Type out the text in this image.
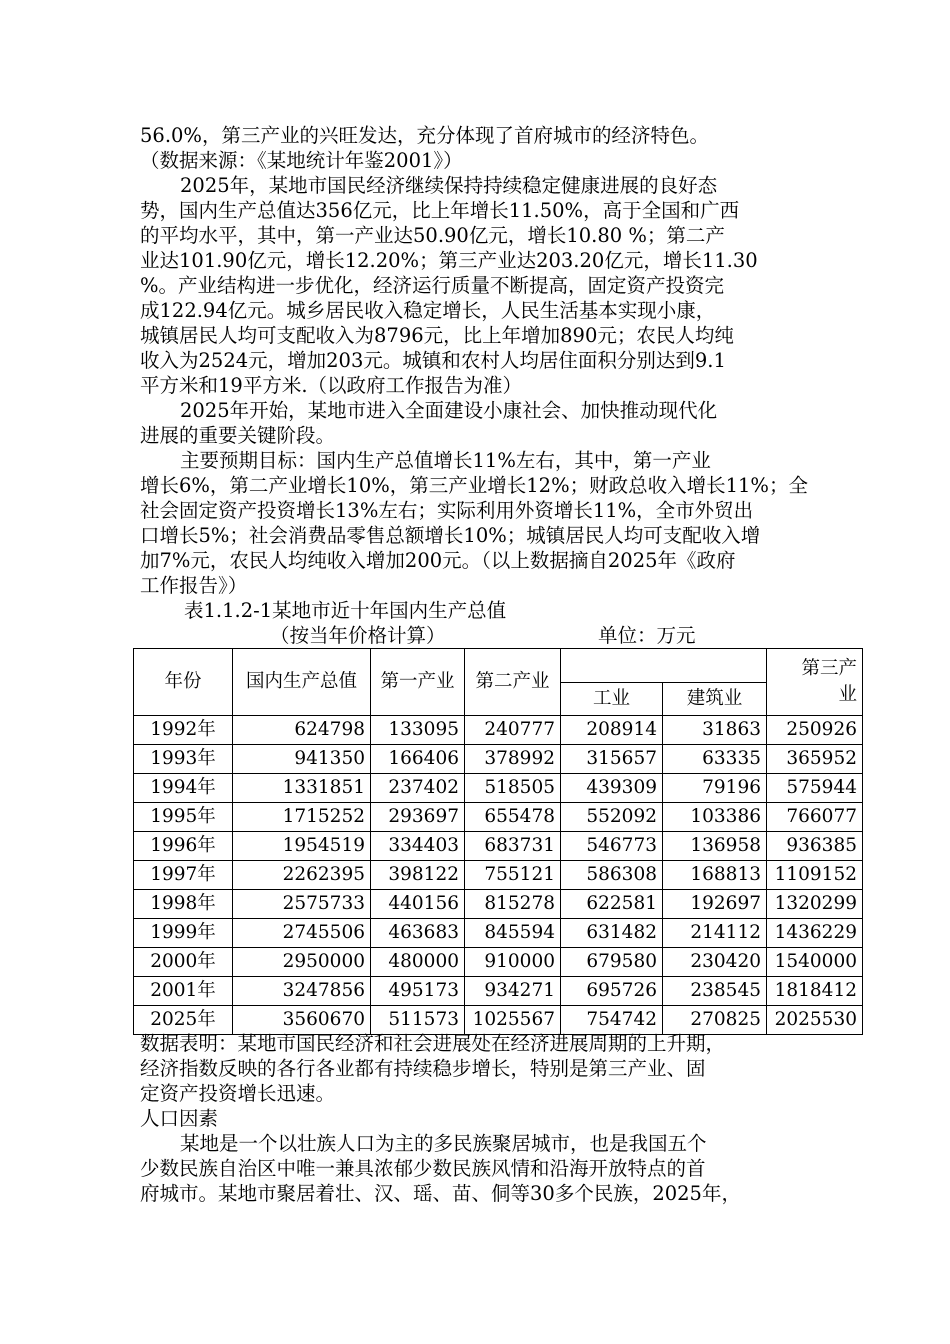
56.0%，第三产业的兴旺发达，充分体现了首府城市的经济特色。
（数据来源：《某地统计年鉴2001》）
2025年，某地市国民经济继续保持持续稳定健康进展的良好态
势，国内生产总值达356亿元，比上年增长11.50%，高于全国和广西
的平均水平，其中，第一产业达50.90亿元，增长10.80 %；第二产
业达101.90亿元，增长12.20%；第三产业达203.20亿元，增长11.30
%。产业结构进一步优化，经济运行质量不断提高，固定资产投资完
成122.94亿元。城乡居民收入稳定增长，人民生活基本实现小康，
城镇居民人均可支配收入为8796元，比上年增加890元；农民人均纯
收入为2524元，增加203元。城镇和农村人均居住面积分别达到9.1
平方米和19平方米.（以政府工作报告为准）
2025年开始，某地市进入全面建设小康社会、加快推动现代化
进展的重要关键阶段。
主要预期目标：国内生产总值增长11%左右，其中，第一产业
增长6%，第二产业增长10%，第三产业增长12%；财政总收入增长11%；全
社会固定资产投资增长13%左右；实际利用外资增长11%，全市外贸出
口增长5%；社会消费品零售总额增长10%；城镇居民人均可支配收入增
加7%元，农民人均纯收入增加200元。（以上数据摘自2025年《政府
工作报告》）
表1.1.2-1某地市近十年国内生产总值
（按当年价格计算）	单位：万元
年份	国内生产总值	第一产业	第二产业			第三产
业
				工业	建筑业	
1992年	624798	133095	240777	208914	31863	250926
1993年	941350	166406	378992	315657	63335	365952
1994年	1331851	237402	518505	439309	79196	575944
1995年	1715252	293697	655478	552092	103386	766077
1996年	1954519	334403	683731	546773	136958	936385
1997年	2262395	398122	755121	586308	168813	1109152
1998年	2575733	440156	815278	622581	192697	1320299
1999年	2745506	463683	845594	631482	214112	1436229
2000年	2950000	480000	910000	679580	230420	1540000
2001年	3247856	495173	934271	695726	238545	1818412
2025年	3560670	511573	1025567	754742	270825	2025530
数据表明：某地市国民经济和社会进展处在经济进展周期的上升期，
经济指数反映的各行各业都有持续稳步增长，特别是第三产业、固
定资产投资增长迅速。
人口因素
某地是一个以壮族人口为主的多民族聚居城市，也是我国五个
少数民族自治区中唯一兼具浓郁少数民族风情和沿海开放特点的首
府城市。某地市聚居着壮、汉、瑶、苗、侗等30多个民族，2025年，
